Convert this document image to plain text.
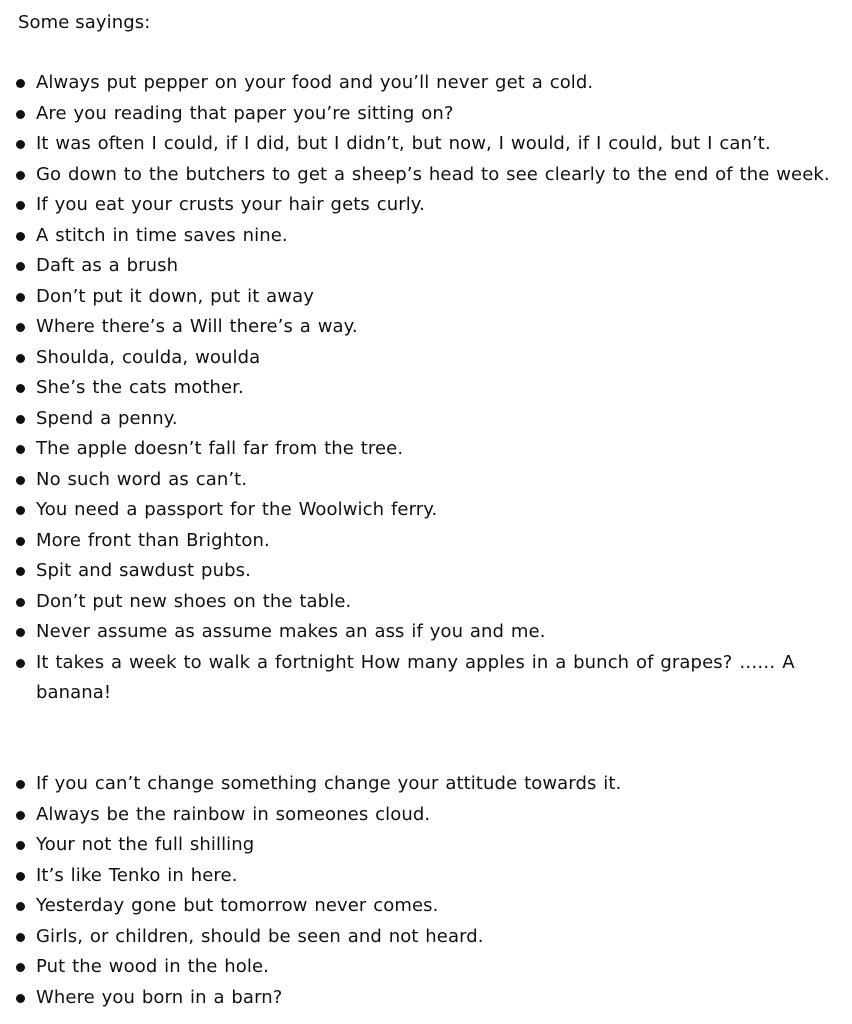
Some sayings:

Always put pepper on your food and you’ll never get a cold.
Are you reading that paper you’re sitting on?
It was often I could, if I did, but I didn’t, but now, I would, if I could, but I can’t.
Go down to the butchers to get a sheep’s head to see clearly to the end of the week.
If you eat your crusts your hair gets curly.
A stitch in time saves nine.
Daft as a brush
Don’t put it down, put it away
Where there’s a Will there’s a way.
Shoulda, coulda, woulda
She’s the cats mother.
Spend a penny.
The apple doesn’t fall far from the tree.
No such word as can’t.
You need a passport for the Woolwich ferry.
More front than Brighton.
Spit and sawdust pubs.
Don’t put new shoes on the table.
Never assume as assume makes an ass if you and me.
It takes a week to walk a fortnight How many apples in a bunch of grapes? …… A banana!
If you can’t change something change your attitude towards it.
Always be the rainbow in someones cloud.
Your not the full shilling
It’s like Tenko in here.
Yesterday gone but tomorrow never comes.
Girls, or children, should be seen and not heard.
Put the wood in the hole.
Where you born in a barn?
